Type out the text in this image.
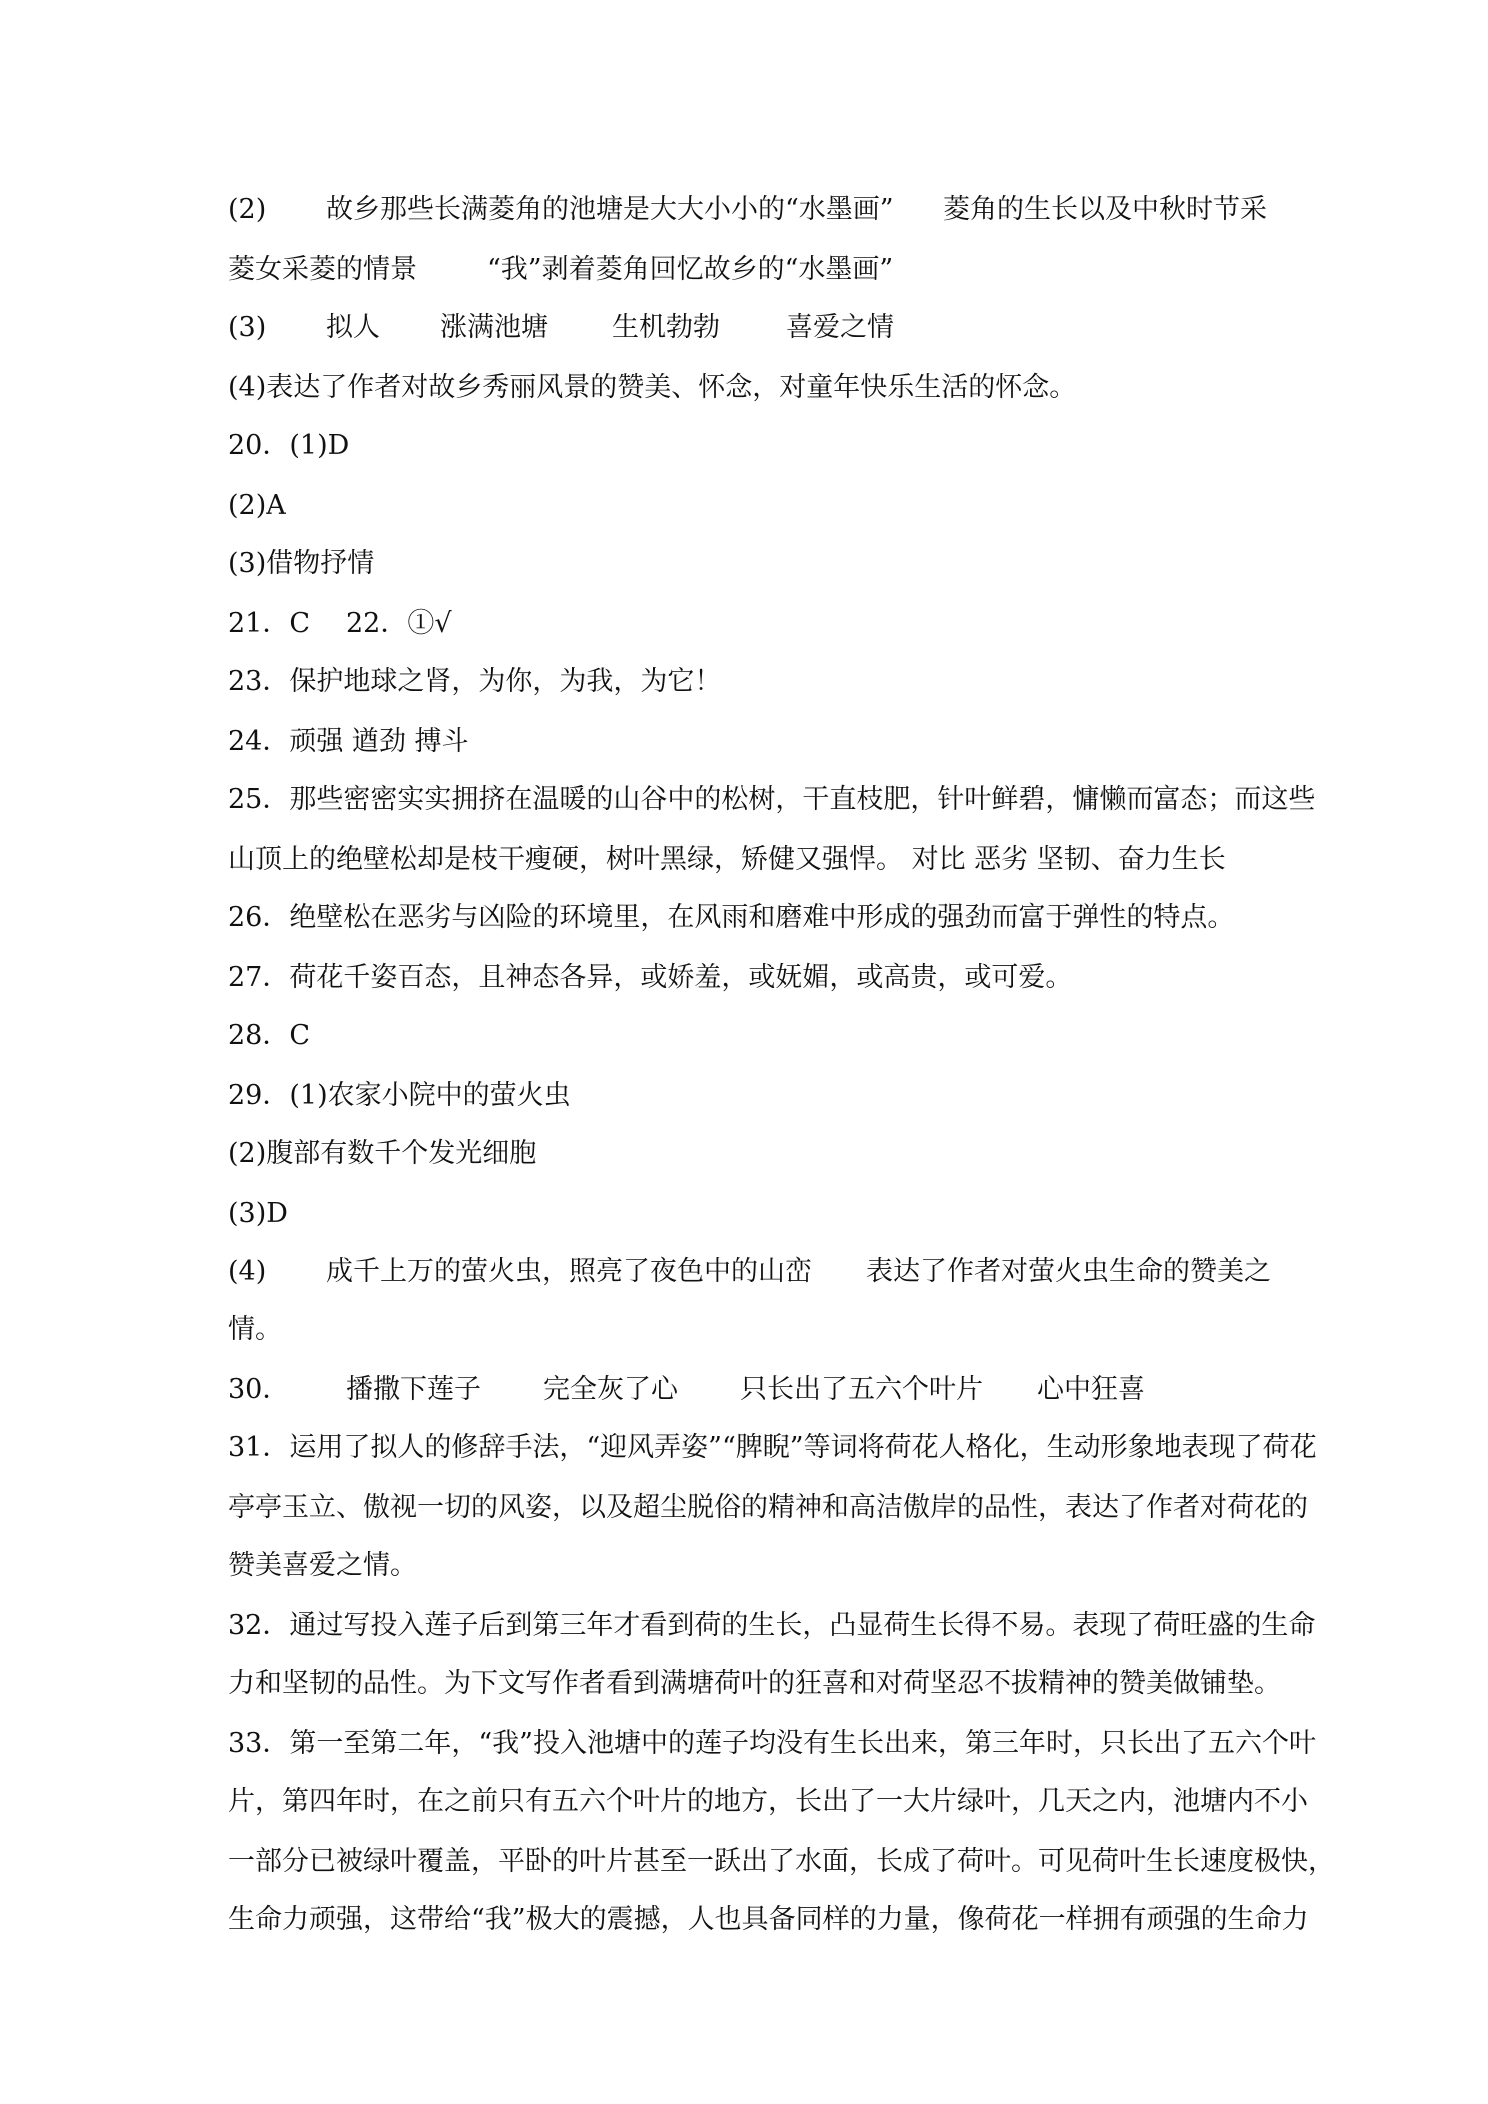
(2) 故乡那些长满菱角的池塘是大大小小的“水墨画” 菱角的生长以及中秋时节采
菱女采菱的情景	“我”剥着菱角回忆故乡的“水墨画”
(3) 拟人 涨满池塘 生机勃勃 喜爱之情
(4)表达了作者对故乡秀丽风景的赞美、怀念，对童年快乐生活的怀念。
20．(1)D
(2)A
(3)借物抒情
21．C 22．①√
23．保护地球之肾，为你，为我，为它！
24．顽强 遒劲 搏斗
25．那些密密实实拥挤在温暖的山谷中的松树，干直枝肥，针叶鲜碧，慵懒而富态；而这些
山顶上的绝壁松却是枝干瘦硬，树叶黑绿，矫健又强悍。 对比 恶劣 坚韧、奋力生长
26．绝壁松在恶劣与凶险的环境里，在风雨和磨难中形成的强劲而富于弹性的特点。
27．荷花千姿百态，且神态各异，或娇羞，或妩媚，或高贵，或可爱。
28．C
29．(1)农家小院中的萤火虫
(2)腹部有数千个发光细胞
(3)D
(4) 成千上万的萤火虫，照亮了夜色中的山峦 表达了作者对萤火虫生命的赞美之
情。
30． 播撒下莲子 完全灰了心 只长出了五六个叶片 心中狂喜
31．运用了拟人的修辞手法，“迎风弄姿”“脾睨”等词将荷花人格化，生动形象地表现了荷花
亭亭玉立、傲视一切的风姿，以及超尘脱俗的精神和高洁傲岸的品性，表达了作者对荷花的
赞美喜爱之情。
32．通过写投入莲子后到第三年才看到荷的生长，凸显荷生长得不易。表现了荷旺盛的生命
力和坚韧的品性。为下文写作者看到满塘荷叶的狂喜和对荷坚忍不拔精神的赞美做铺垫。
33．第一至第二年，“我”投入池塘中的莲子均没有生长出来，第三年时，只长出了五六个叶
片，第四年时，在之前只有五六个叶片的地方，长出了一大片绿叶，几天之内，池塘内不小
一部分已被绿叶覆盖，平卧的叶片甚至一跃出了水面，长成了荷叶。可见荷叶生长速度极快，
生命力顽强，这带给“我”极大的震撼，人也具备同样的力量，像荷花一样拥有顽强的生命力
